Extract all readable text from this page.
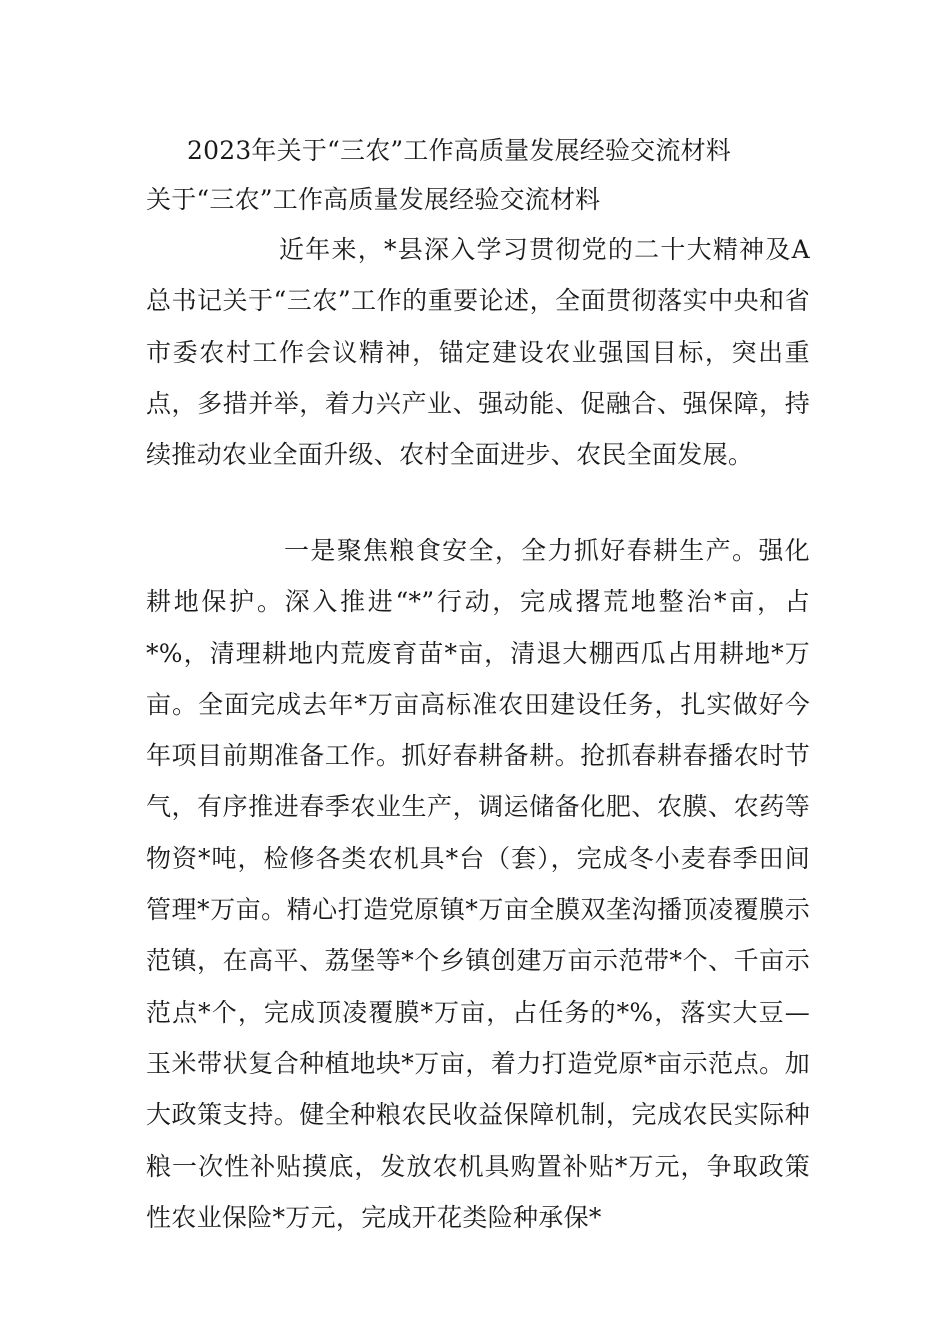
2023年关于“三农”工作高质量发展经验交流材料
关于“三农”工作高质量发展经验交流材料

近年来，*县深入学习贯彻党的二十大精神及A总书记关于“三农”工作的重要论述，全面贯彻落实中央和省市委农村工作会议精神，锚定建设农业强国目标，突出重点，多措并举，着力兴产业、强动能、促融合、强保障，持续推动农业全面升级、农村全面进步、农民全面发展。

一是聚焦粮食安全，全力抓好春耕生产。强化耕地保护。深入推进“*”行动，完成撂荒地整治*亩，占*%，清理耕地内荒废育苗*亩，清退大棚西瓜占用耕地*万亩。全面完成去年*万亩高标准农田建设任务，扎实做好今年项目前期准备工作。抓好春耕备耕。抢抓春耕春播农时节气，有序推进春季农业生产，调运储备化肥、农膜、农药等物资*吨，检修各类农机具*台（套），完成冬小麦春季田间管理*万亩。精心打造党原镇*万亩全膜双垄沟播顶凌覆膜示范镇，在高平、荔堡等*个乡镇创建万亩示范带*个、千亩示范点*个，完成顶凌覆膜*万亩，占任务的*%，落实大豆—玉米带状复合种植地块*万亩，着力打造党原*亩示范点。加大政策支持。健全种粮农民收益保障机制，完成农民实际种粮一次性补贴摸底，发放农机具购置补贴*万元，争取政策性农业保险*万元，完成开花类险种承保*
